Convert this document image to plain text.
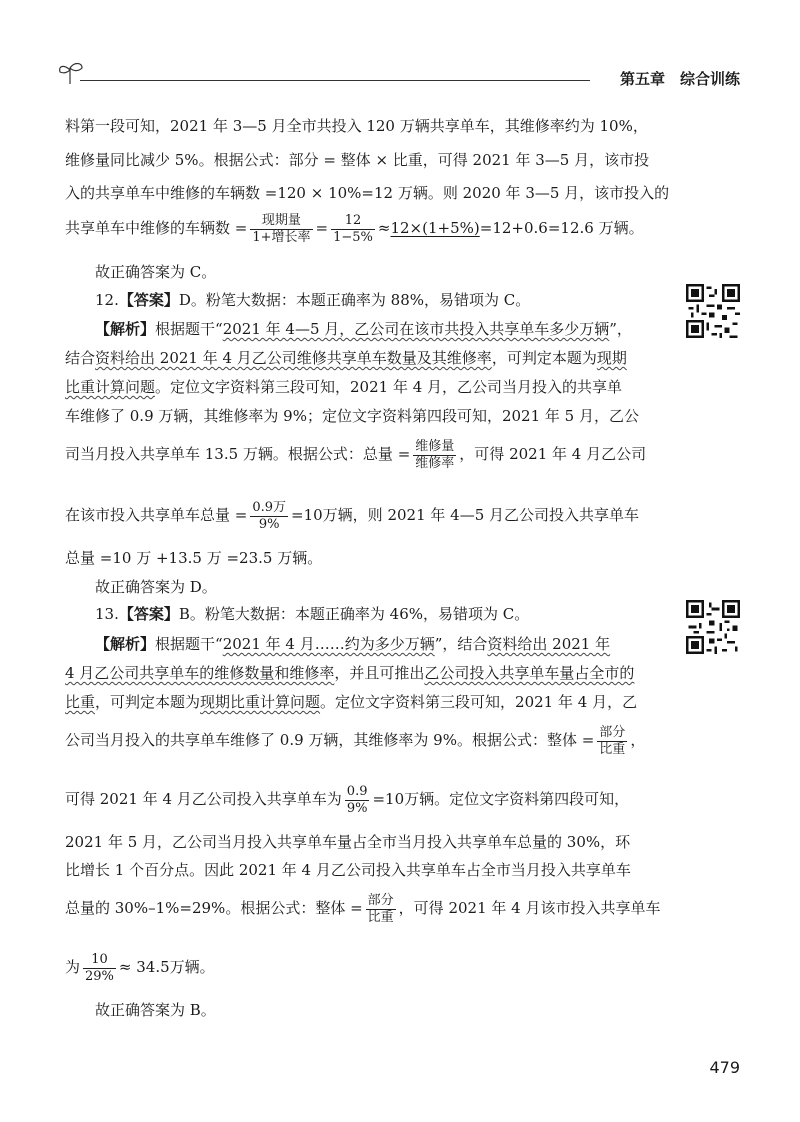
第五章 综合训练
料第一段可知，2021 年 3—5 月全市共投入 120 万辆共享单车，其维修率约为 10%，
维修量同比减少 5%。根据公式：部分 = 整体 × 比重，可得 2021 年 3—5 月，该市投
入的共享单车中维修的车辆数 =120 × 10%=12 万辆。则 2020 年 3—5 月，该市投入的
共享单车中维修的车辆数 = $\frac{\text{现期量}}{\text{1+增长率}} = \frac{12}{1-5\%} \approx 12\times(1+5\%)=12+0.6=12.6$ 万辆。
故正确答案为 C。
12.【答案】D。粉笔大数据：本题正确率为 88%，易错项为 C。
【解析】根据题干“2021 年 4—5 月，乙公司在该市共投入共享单车多少万辆”，
结合资料给出 2021 年 4 月乙公司维修共享单车数量及其维修率，可判定本题为现期
比重计算问题。定位文字资料第三段可知，2021 年 4 月，乙公司当月投入的共享单
车维修了 0.9 万辆，其维修率为 9%；定位文字资料第四段可知，2021 年 5 月，乙公
司当月投入共享单车 13.5 万辆。根据公式：总量 = $\frac{\text{维修量}}{\text{维修率}}$ ，可得 2021 年 4 月乙公司
在该市投入共享单车总量 = $\frac{\text{0.9万}}{9\%} =10$万辆，则 2021 年 4—5 月乙公司投入共享单车
总量 =10 万 +13.5 万 =23.5 万辆。
故正确答案为 D。
13.【答案】B。粉笔大数据：本题正确率为 46%，易错项为 C。
【解析】根据题干“2021 年 4 月……约为多少万辆”，结合资料给出 2021 年
4 月乙公司共享单车的维修数量和维修率，并且可推出乙公司投入共享单车量占全市的
比重，可判定本题为现期比重计算问题。定位文字资料第三段可知，2021 年 4 月，乙
公司当月投入的共享单车维修了 0.9 万辆，其维修率为 9%。根据公式：整体 = $\frac{\text{部分}}{\text{比重}}$ ，
可得 2021 年 4 月乙公司投入共享单车为 $\frac{0.9}{9\%} =10$万辆。定位文字资料第四段可知，
2021 年 5 月，乙公司当月投入共享单车量占全市当月投入共享单车总量的 30%，环
比增长 1 个百分点。因此 2021 年 4 月乙公司投入共享单车占全市当月投入共享单车
总量的 30%–1%=29%。根据公式：整体 = $\frac{\text{部分}}{\text{比重}}$ ，可得 2021 年 4 月该市投入共享单车
为 $\frac{10}{29\%} \approx 34.5$万辆。
故正确答案为 B。
479
